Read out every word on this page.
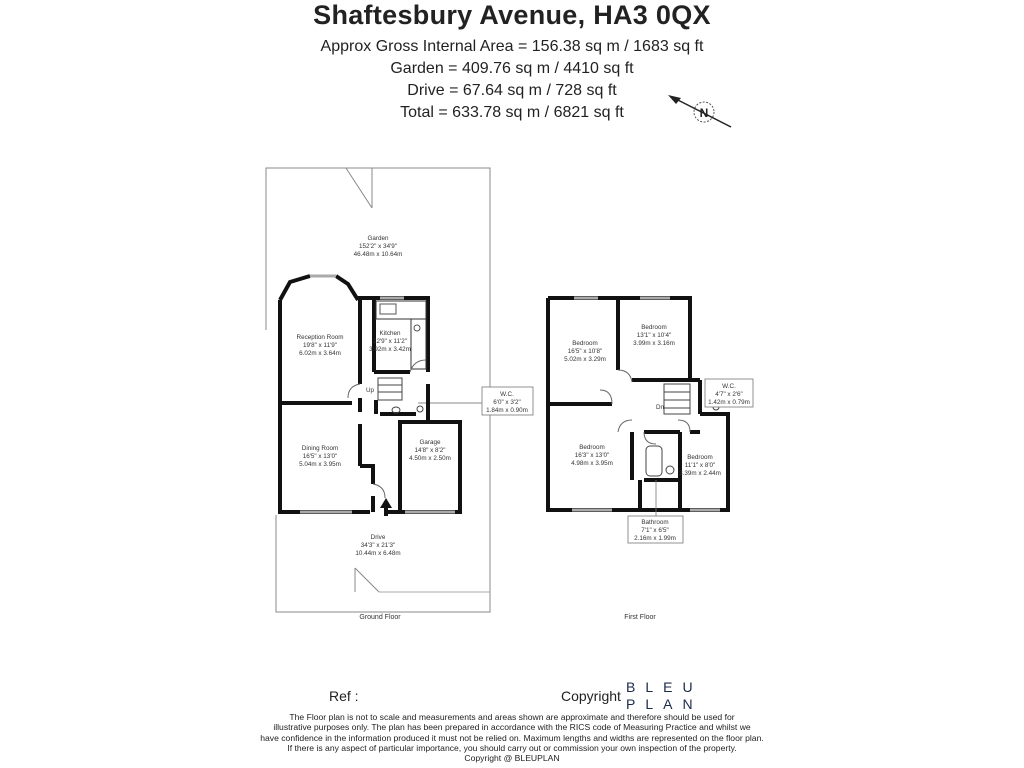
Shaftesbury Avenue, HA3 0QX
Approx Gross Internal Area = 156.38 sq m / 1683 sq ft
Garden = 409.76 sq m / 4410 sq ft
Drive = 67.64 sq m / 728 sq ft
Total = 633.78 sq m / 6821 sq ft	N
Garden
152'2" x 34'9"
46.48m x 10.64m
Reception Room
19'8" x 11'9"
6.02m x 3.64m
Kitchen
12'9" x 11'2"
3.92m x 3.42m
Up
W.C.
6'0" x 3'2"
1.84m x 0.90m
Dining Room
16'5" x 13'0"
5.04m x 3.95m
Garage
14'8" x 8'2"
4.50m x 2.50m
Drive
34'3" x 21'3"
10.44m x 6.48m
Ground Floor
Bedroom
16'5" x 10'8"
5.02m x 3.29m
Bedroom
13'1" x 10'4"
3.99m x 3.16m
W.C.
4'7" x 2'6"
1.42m x 0.79m
Dn
Bedroom
16'3" x 13'0"
4.98m x 3.95m
Bedroom
11'1" x 8'0"
3.39m x 2.44m
Bathroom
7'1" x 6'5"
2.16m x 1.99m
First Floor
Ref :	Copyright
BLEU
PLAN
The Floor plan is not to scale and measurements and areas shown are approximate and therefore should be used for
illustrative purposes only. The plan has been prepared in accordance with the RICS code of Measuring Practice and whilst we
have confidence in the information produced it must not be relied on. Maximum lengths and widths are represented on the floor plan.
If there is any aspect of particular importance, you should carry out or commission your own inspection of the property.
Copyright @ BLEUPLAN
